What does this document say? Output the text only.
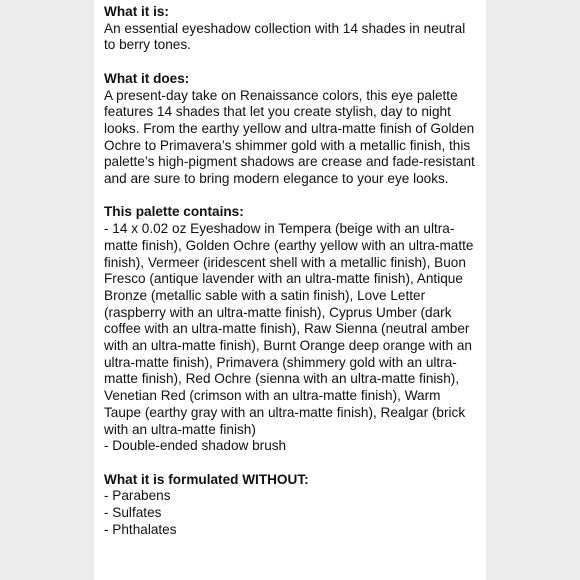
What it is:

An essential eyeshadow collection with 14 shades in neutral to berry tones.

What it does:

A present-day take on Renaissance colors, this eye palette features 14 shades that let you create stylish, day to night looks. From the earthy yellow and ultra-matte finish of Golden Ochre to Primavera’s shimmer gold with a metallic finish, this palette’s high-pigment shadows are crease and fade-resistant and are sure to bring modern elegance to your eye looks.

This palette contains:

- 14 x 0.02 oz Eyeshadow in Tempera (beige with an ultra-matte finish), Golden Ochre (earthy yellow with an ultra-matte finish), Vermeer (iridescent shell with a metallic finish), Buon Fresco (antique lavender with an ultra-matte finish), Antique Bronze (metallic sable with a satin finish), Love Letter (raspberry with an ultra-matte finish), Cyprus Umber (dark coffee with an ultra-matte finish), Raw Sienna (neutral amber with an ultra-matte finish), Burnt Orange deep orange with an ultra-matte finish), Primavera (shimmery gold with an ultra-matte finish), Red Ochre (sienna with an ultra-matte finish), Venetian Red (crimson with an ultra-matte finish), Warm Taupe (earthy gray with an ultra-matte finish), Realgar (brick with an ultra-matte finish)
- Double-ended shadow brush

What it is formulated WITHOUT:

- Parabens
- Sulfates
- Phthalates
